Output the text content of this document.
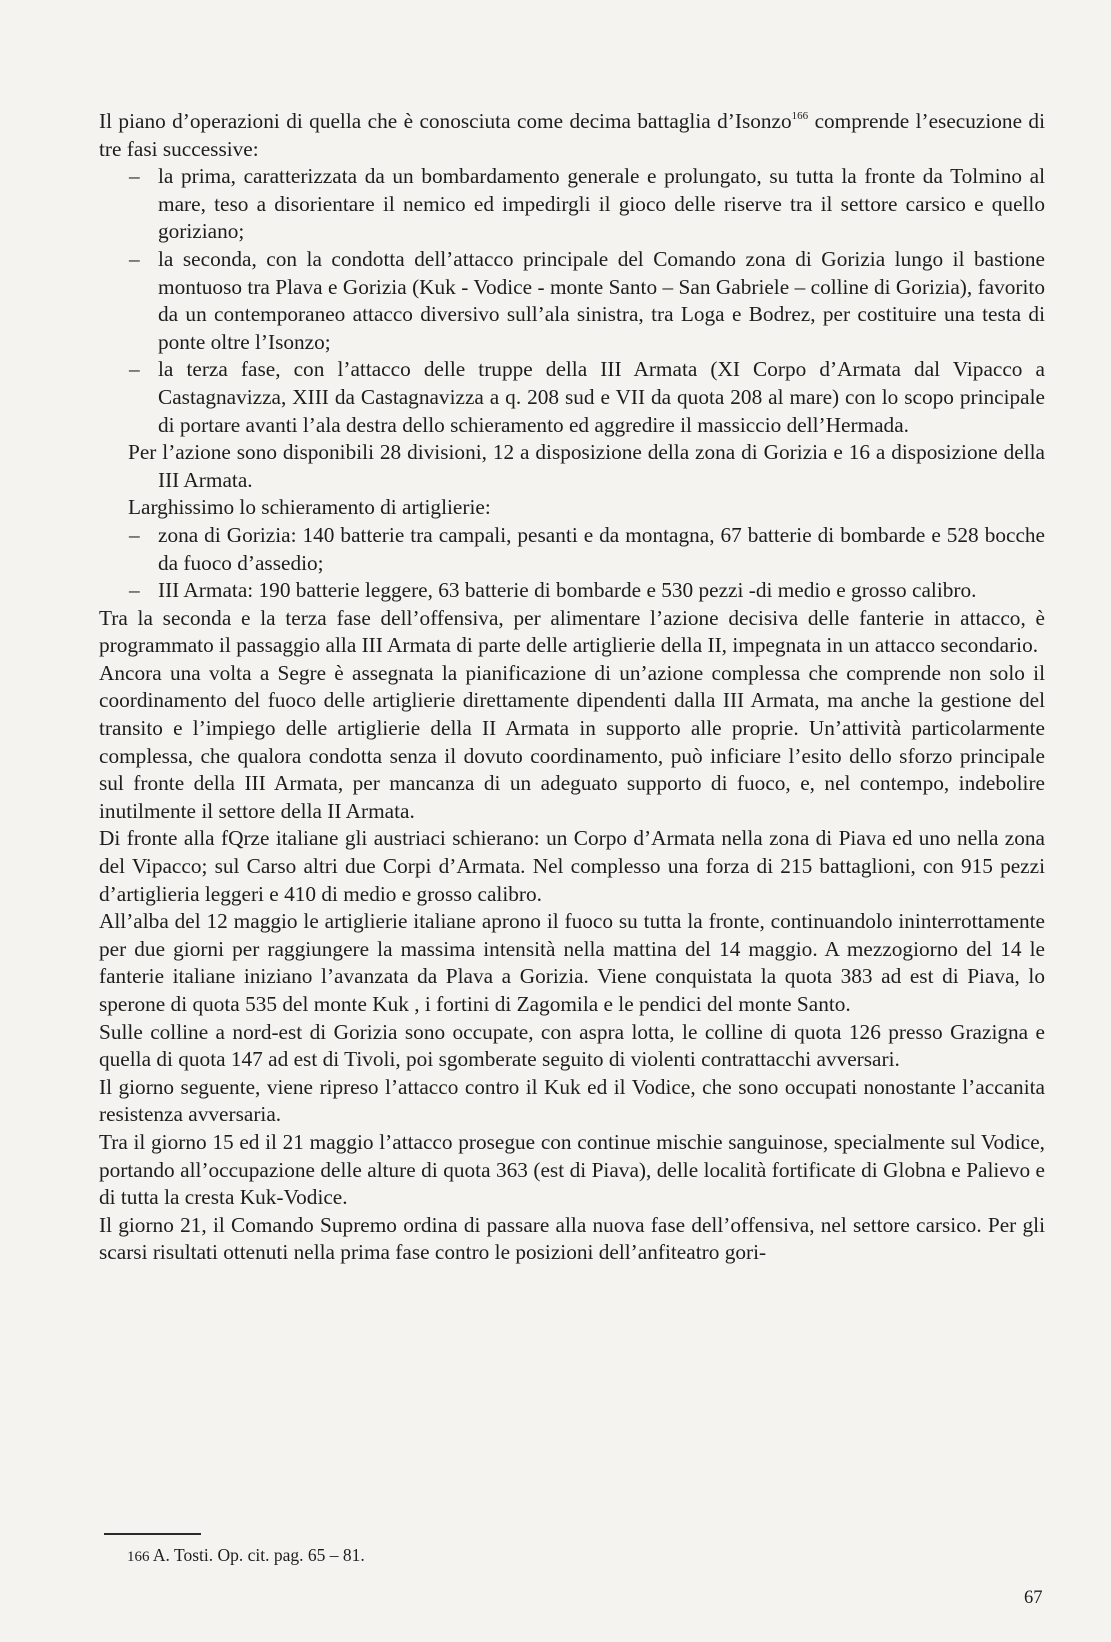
Il piano d’operazioni di quella che è conosciuta come decima battaglia d’Isonzo$^{166}$ comprende l’esecuzione di tre fasi successive:

– la prima, caratterizzata da un bombardamento generale e prolungato, su tutta la fronte da Tolmino al mare, teso a disorientare il nemico ed impedirgli il gioco delle riserve tra il settore carsico e quello goriziano;

– la seconda, con la condotta dell’attacco principale del Comando zona di Gorizia lungo il bastione montuoso tra Plava e Gorizia (Kuk - Vodice - monte Santo – San Gabriele – colline di Gorizia), favorito da un contemporaneo attacco diversivo sull’ala sinistra, tra Loga e Bodrez, per costituire una testa di ponte oltre l’Isonzo;

– la terza fase, con l’attacco delle truppe della III Armata (XI Corpo d’Armata dal Vipacco a Castagnavizza, XIII da Castagnavizza a q. 208 sud e VII da quota 208 al mare) con lo scopo principale di portare avanti l’ala destra dello schieramento ed aggredire il massiccio dell’Hermada.

Per l’azione sono disponibili 28 divisioni, 12 a disposizione della zona di Gorizia e 16 a disposizione della III Armata.

Larghissimo lo schieramento di artiglierie:

– zona di Gorizia: 140 batterie tra campali, pesanti e da montagna, 67 batterie di bombarde e 528 bocche da fuoco d’assedio;

– III Armata: 190 batterie leggere, 63 batterie di bombarde e 530 pezzi -di medio e grosso calibro.

Tra la seconda e la terza fase dell’offensiva, per alimentare l’azione decisiva delle fanterie in attacco, è programmato il passaggio alla III Armata di parte delle artiglierie della II, impegnata in un attacco secondario.

Ancora una volta a Segre è assegnata la pianificazione di un’azione complessa che comprende non solo il coordinamento del fuoco delle artiglierie direttamente dipendenti dalla III Armata, ma anche la gestione del transito e l’impiego delle artiglierie della II Armata in supporto alle proprie. Un’attività particolarmente complessa, che qualora condotta senza il dovuto coordinamento, può inficiare l’esito dello sforzo principale sul fronte della III Armata, per mancanza di un adeguato supporto di fuoco, e, nel contempo, indebolire inutilmente il settore della II Armata.

Di fronte alla fQrze italiane gli austriaci schierano: un Corpo d’Armata nella zona di Piava ed uno nella zona del Vipacco; sul Carso altri due Corpi d’Armata. Nel complesso una forza di 215 battaglioni, con 915 pezzi d’artiglieria leggeri e 410 di medio e grosso calibro.

All’alba del 12 maggio le artiglierie italiane aprono il fuoco su tutta la fronte, continuandolo ininterrottamente per due giorni per raggiungere la massima intensità nella mattina del 14 maggio. A mezzogiorno del 14 le fanterie italiane iniziano l’avanzata da Plava a Gorizia. Viene conquistata la quota 383 ad est di Piava, lo sperone di quota 535 del monte Kuk , i fortini di Zagomila e le pendici del monte Santo.

Sulle colline a nord-est di Gorizia sono occupate, con aspra lotta, le colline di quota 126 presso Grazigna e quella di quota 147 ad est di Tivoli, poi sgomberate seguito di violenti contrattacchi avversari.

Il giorno seguente, viene ripreso l’attacco contro il Kuk ed il Vodice, che sono occupati nonostante l’accanita resistenza avversaria.

Tra il giorno 15 ed il 21 maggio l’attacco prosegue con continue mischie sanguinose, specialmente sul Vodice, portando all’occupazione delle alture di quota 363 (est di Piava), delle località fortificate di Globna e Palievo e di tutta la cresta Kuk-Vodice.

Il giorno 21, il Comando Supremo ordina di passare alla nuova fase dell’offensiva, nel settore carsico. Per gli scarsi risultati ottenuti nella prima fase contro le posizioni dell’anfiteatro gori-

166 A. Tosti. Op. cit. pag. 65 – 81.
67
